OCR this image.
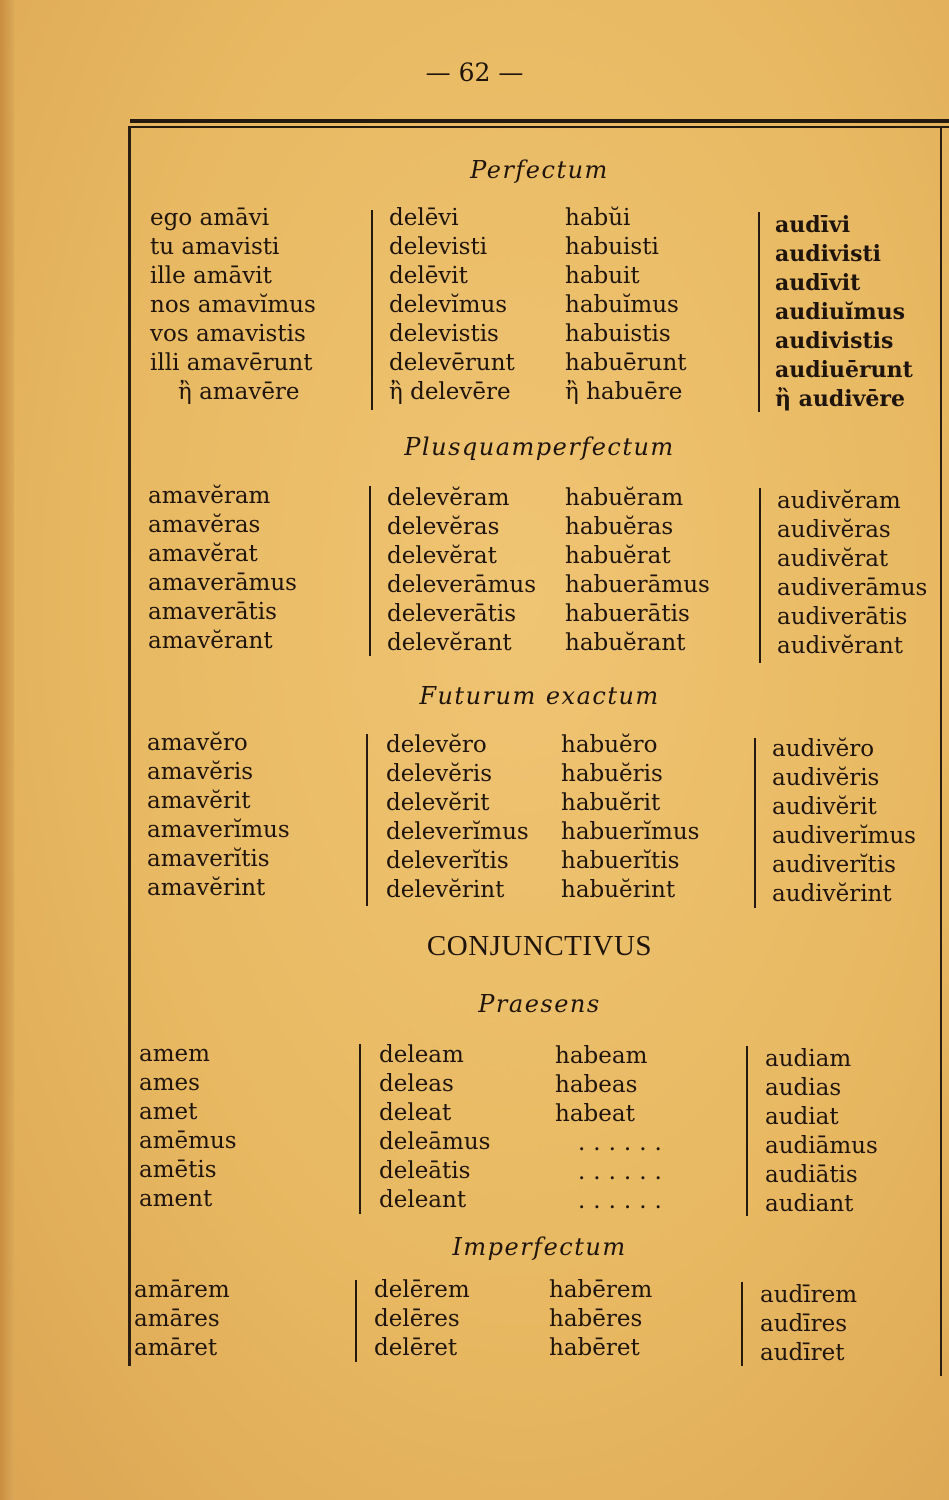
— 62 —
Perfectum
ego amāvi
tu amavisti
ille amāvit
nos amavĭmus
vos amavistis
illi amavērunt
ἢ amavēre
delēvi
delevisti
delēvit
delevĭmus
delevistis
delevērunt
ἢ delevēre
habŭi
habuisti
habuit
habuĭmus
habuistis
habuērunt
ἢ habuēre
audīvi
audivisti
audīvit
audiuĭmus
audivistis
audiuērunt
ἢ audivēre
Plusquamperfectum
amavĕram
amavĕras
amavĕrat
amaverāmus
amaverātis
amavĕrant
delevĕram
delevĕras
delevĕrat
deleverāmus
deleverātis
delevĕrant
habuĕram
habuĕras
habuĕrat
habuerāmus
habuerātis
habuĕrant
audivĕram
audivĕras
audivĕrat
audiverāmus
audiverātis
audivĕrant
Futurum exactum
amavĕro
amavĕris
amavĕrit
amaverĭmus
amaverĭtis
amavĕrint
delevĕro
delevĕris
delevĕrit
deleverĭmus
deleverĭtis
delevĕrint
habuĕro
habuĕris
habuĕrit
habuerĭmus
habuerĭtis
habuĕrint
audivĕro
audivĕris
audivĕrit
audiverĭmus
audiverĭtis
audivĕrint
CONJUNCTIVUS
Praesens
amem
ames
amet
amēmus
amētis
ament
deleam
deleas
deleat
deleāmus
deleātis
deleant
habeam
habeas
habeat
......
......
......
audiam
audias
audiat
audiāmus
audiātis
audiant
Imperfectum
amārem
amāres
amāret
delērem
delēres
delēret
habērem
habēres
habēret
audīrem
audīres
audīret
